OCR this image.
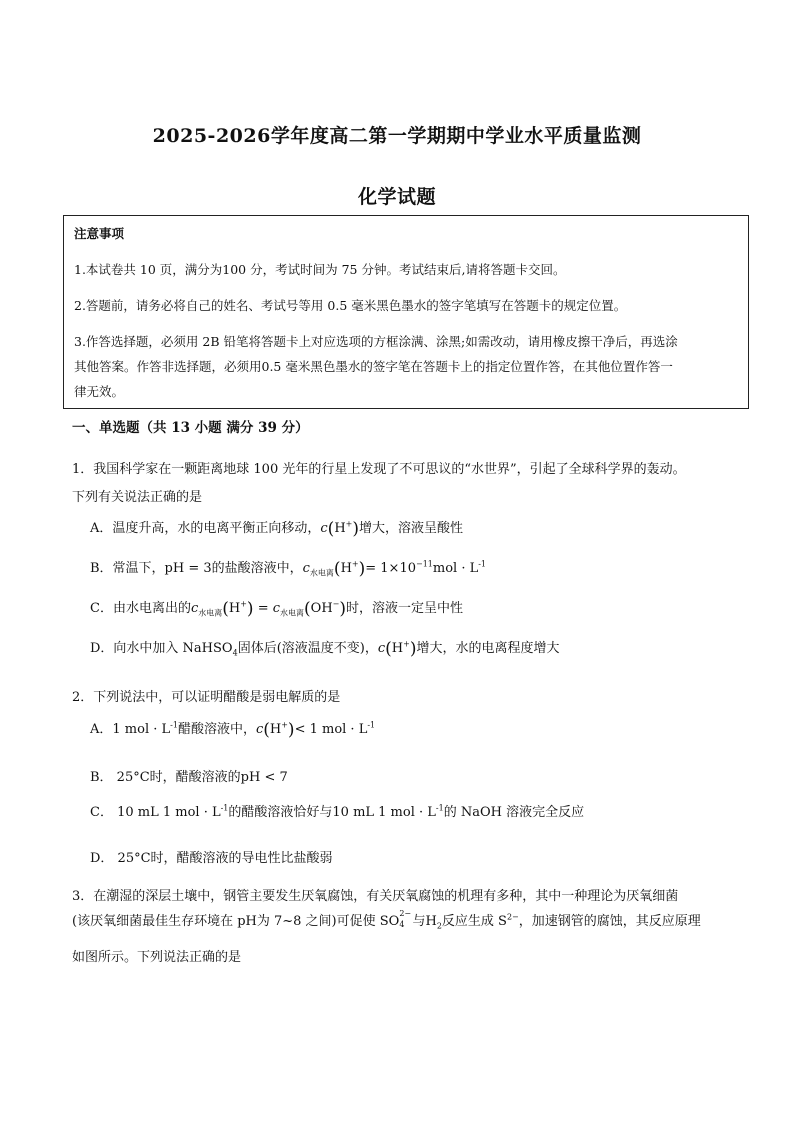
2025-2026学年度高二第一学期期中学业水平质量监测
化学试题
注意事项
1.本试卷共 10 页，满分为100 分，考试时间为 75 分钟。考试结束后,请将答题卡交回。
2.答题前，请务必将自己的姓名、考试号等用 0.5 毫米黑色墨水的签字笔填写在答题卡的规定位置。
3.作答选择题，必须用 2B 铅笔将答题卡上对应选项的方框涂满、涂黑;如需改动，请用橡皮擦干净后，再选涂
其他答案。作答非选择题，必须用0.5 毫米黑色墨水的签字笔在答题卡上的指定位置作答，在其他位置作答一
律无效。
一、单选题（共 13 小题 满分 39 分）
1．我国科学家在一颗距离地球 100 光年的行星上发现了不可思议的“水世界”，引起了全球科学界的轰动。
下列有关说法正确的是
A．温度升高，水的电离平衡正向移动，c(H+)增大，溶液呈酸性
B．常温下，pH = 3的盐酸溶液中，$c_{水电离}(H^+)= 1\times 10^{-11}mol \cdot L^{-1}$
C．由水电离出的$c_{水电离}(H^+) = c_{水电离}(OH^-)$时，溶液一定呈中性
D．向水中加入 NaHSO$_4$固体后(溶液温度不变)，c(H+)增大，水的电离程度增大
2．下列说法中，可以证明醋酸是弱电解质的是
A．1 mol · $L^{-1}$醋酸溶液中，c(H+)< 1 mol · $L^{-1}$
B． 25°C时，醋酸溶液的pH < 7
C． 10 mL 1 mol · $L^{-1}$的醋酸溶液恰好与10 mL 1 mol · $L^{-1}$的 NaOH 溶液完全反应
D． 25°C时，醋酸溶液的导电性比盐酸弱
3．在潮湿的深层土壤中，钢管主要发生厌氧腐蚀，有关厌氧腐蚀的机理有多种，其中一种理论为厌氧细菌
(该厌氧细菌最佳生存环境在 pH为 7~8 之间)可促使 SO
2−
4 与$H_2$反应生成 $S^{2-}$，加速钢管的腐蚀，其反应原理
如图所示。下列说法正确的是
